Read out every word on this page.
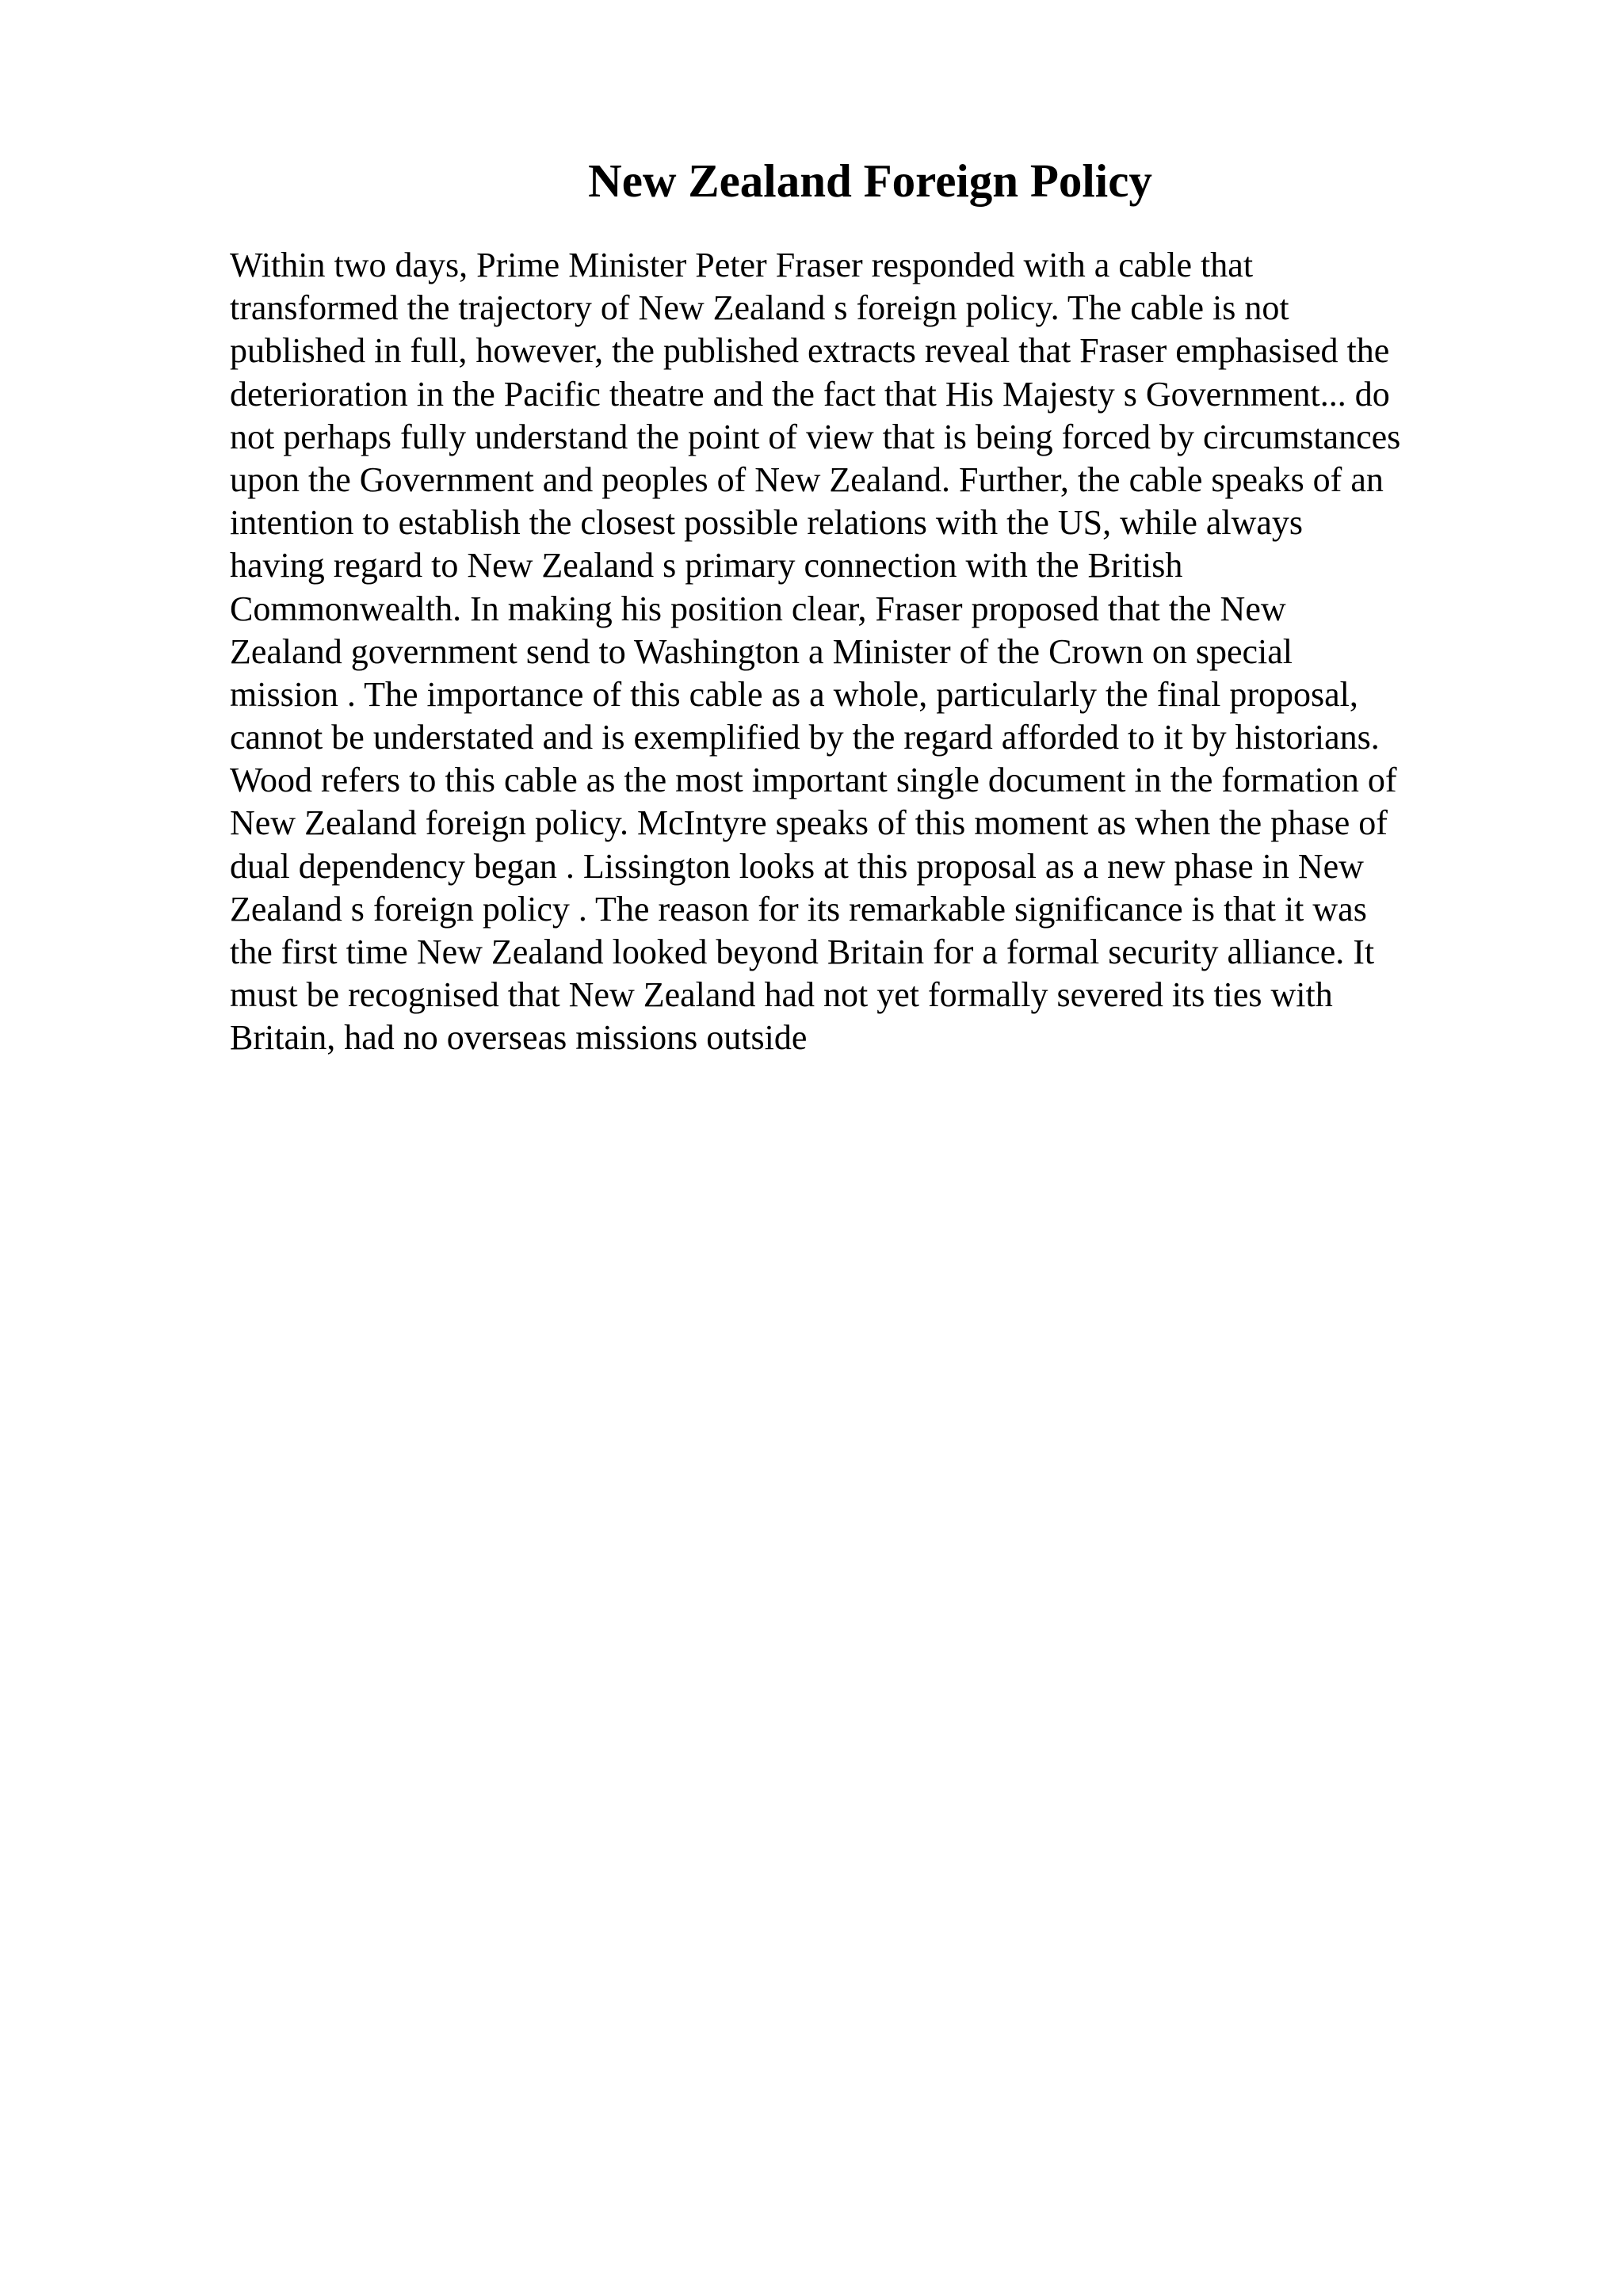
New Zealand Foreign Policy
Within two days, Prime Minister Peter Fraser responded with a cable that
transformed the trajectory of New Zealand s foreign policy. The cable is not
published in full, however, the published extracts reveal that Fraser emphasised the
deterioration in the Pacific theatre and the fact that His Majesty s Government... do
not perhaps fully understand the point of view that is being forced by circumstances
upon the Government and peoples of New Zealand. Further, the cable speaks of an
intention to establish the closest possible relations with the US, while always
having regard to New Zealand s primary connection with the British
Commonwealth. In making his position clear, Fraser proposed that the New
Zealand government send to Washington a Minister of the Crown on special
mission . The importance of this cable as a whole, particularly the final proposal,
cannot be understated and is exemplified by the regard afforded to it by historians.
Wood refers to this cable as the most important single document in the formation of
New Zealand foreign policy. McIntyre speaks of this moment as when the phase of
dual dependency began . Lissington looks at this proposal as a new phase in New
Zealand s foreign policy . The reason for its remarkable significance is that it was
the first time New Zealand looked beyond Britain for a formal security alliance. It
must be recognised that New Zealand had not yet formally severed its ties with
Britain, had no overseas missions outside
